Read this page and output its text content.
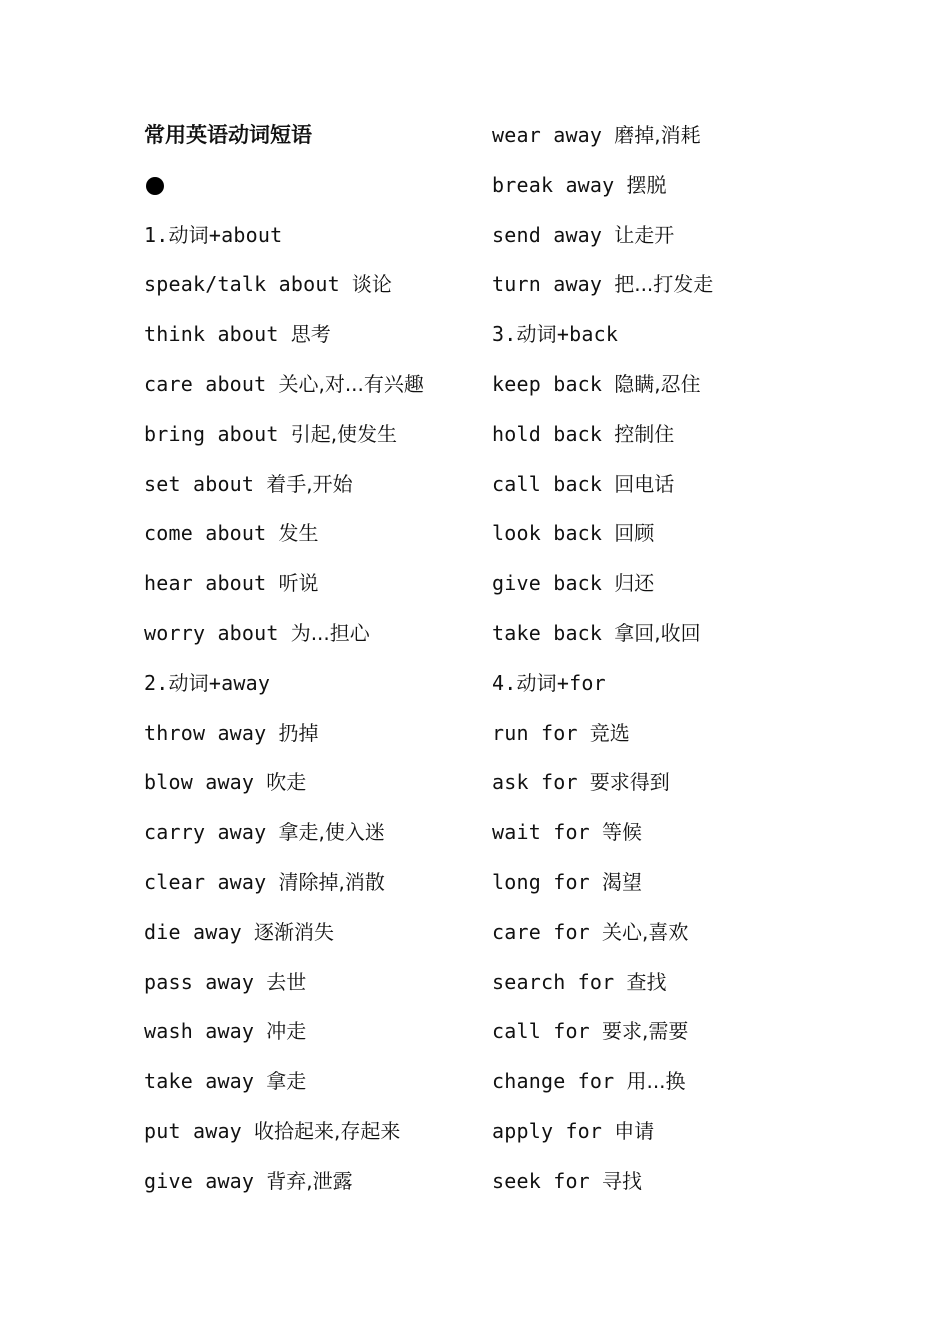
常用英语动词短语
1.动词+about
speak/talk about 谈论
think about 思考
care about 关心,对...有兴趣
bring about 引起,使发生
set about 着手,开始
come about 发生
hear about 听说
worry about 为...担心
2.动词+away
throw away 扔掉
blow away 吹走
carry away 拿走,使入迷
clear away 清除掉,消散
die away 逐渐消失
pass away 去世
wash away 冲走
take away 拿走
put away 收拾起来,存起来
give away 背弃,泄露
wear away 磨掉,消耗
break away 摆脱
send away 让走开
turn away 把...打发走
3.动词+back
keep back 隐瞒,忍住
hold back 控制住
call back 回电话
look back 回顾
give back 归还
take back 拿回,收回
4.动词+for
run for 竞选
ask for 要求得到
wait for 等候
long for 渴望
care for 关心,喜欢
search for 查找
call for 要求,需要
change for 用...换
apply for 申请
seek for 寻找
